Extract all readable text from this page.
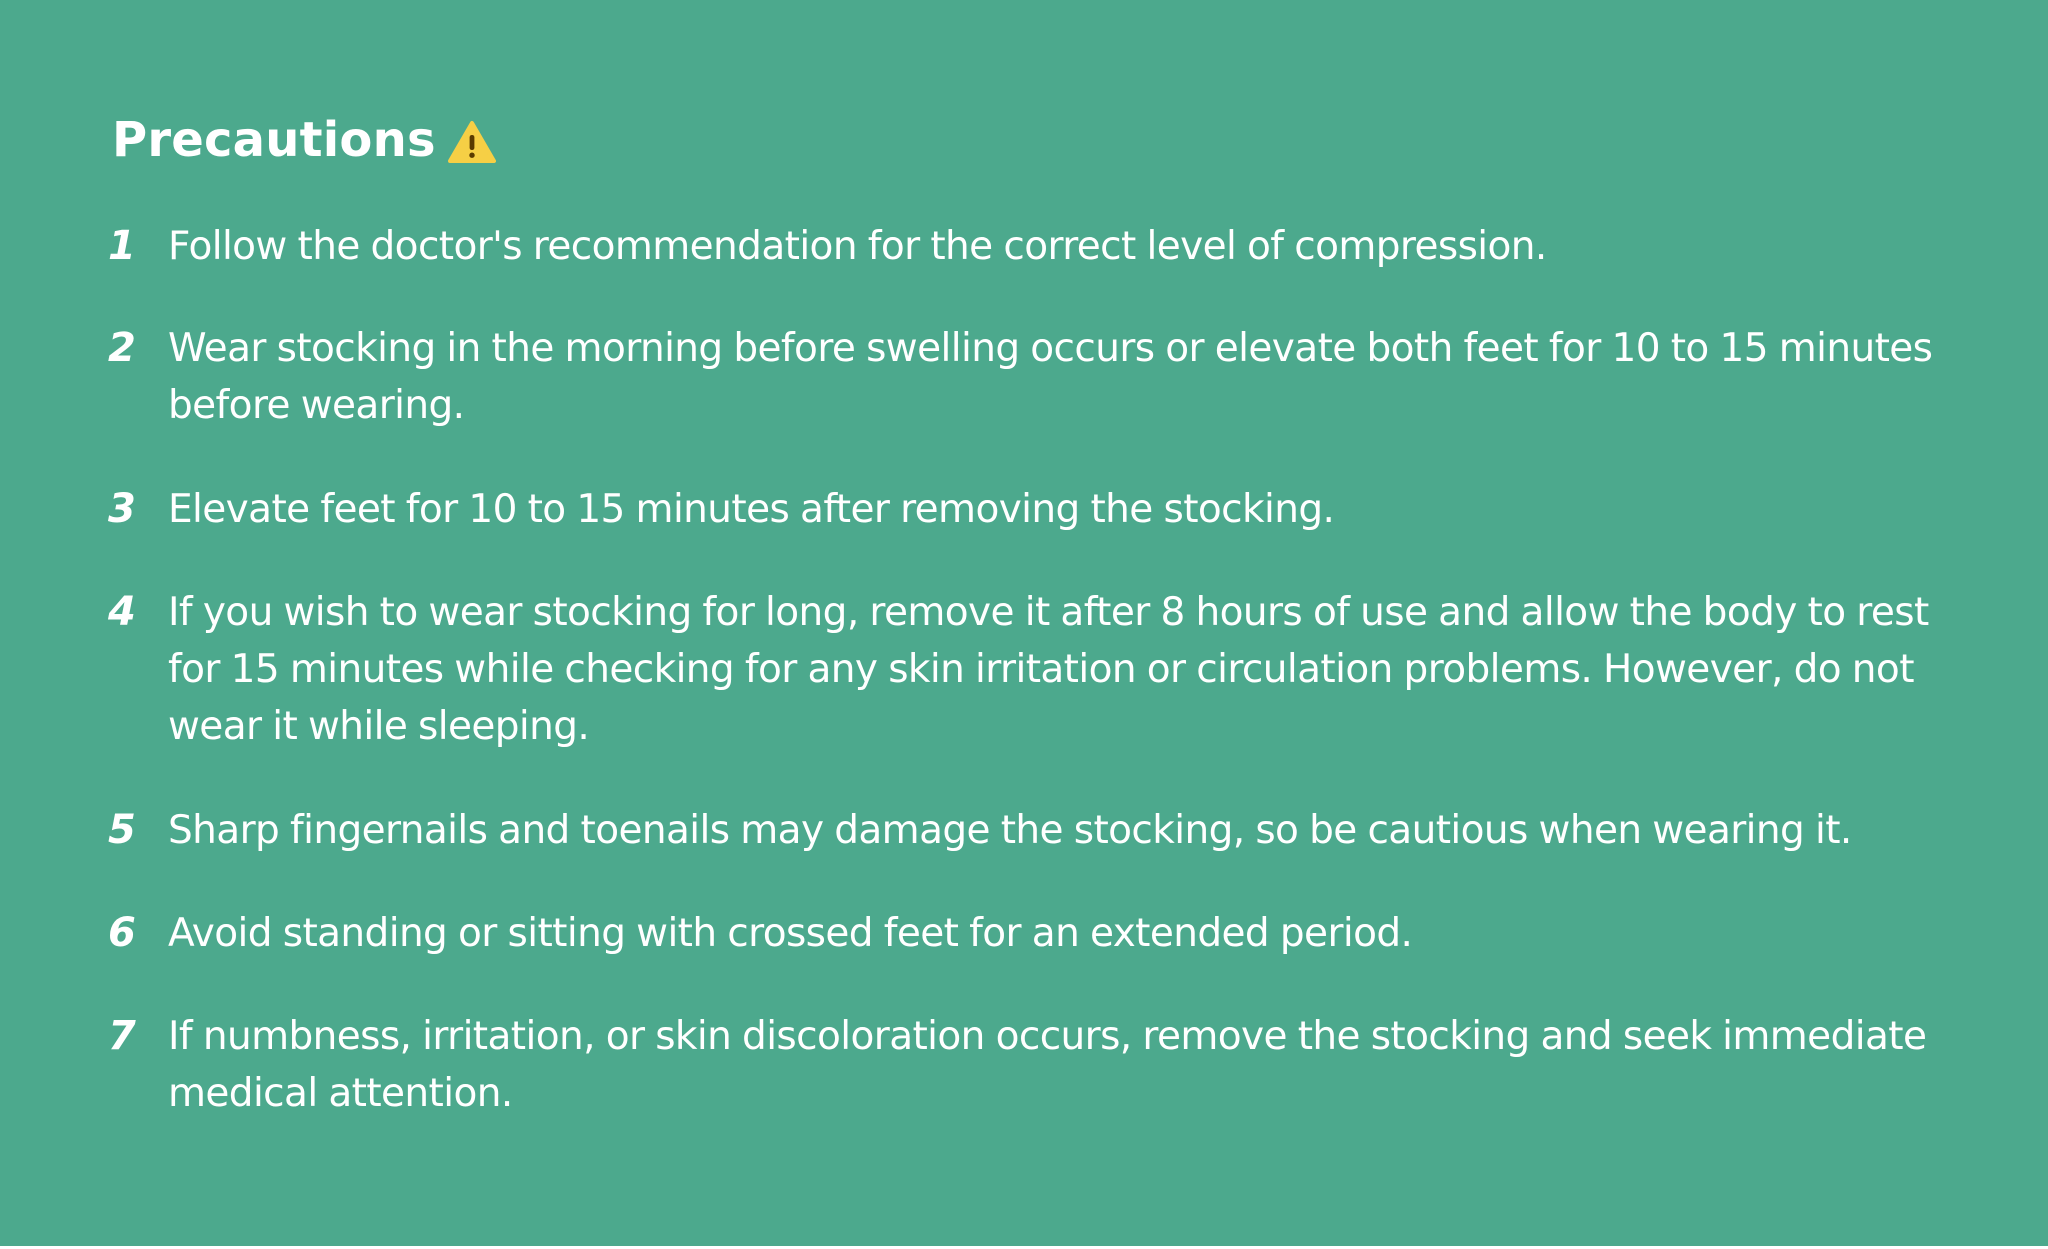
Precautions
1 Follow the doctor's recommendation for the correct level of compression.
2 Wear stocking in the morning before swelling occurs or elevate both feet for 10 to 15 minutes
before wearing.
3 Elevate feet for 10 to 15 minutes after removing the stocking.
4 If you wish to wear stocking for long, remove it after 8 hours of use and allow the body to rest
for 15 minutes while checking for any skin irritation or circulation problems. However, do not
wear it while sleeping.
5 Sharp fingernails and toenails may damage the stocking, so be cautious when wearing it.
6 Avoid standing or sitting with crossed feet for an extended period.
7 If numbness, irritation, or skin discoloration occurs, remove the stocking and seek immediate
medical attention.
